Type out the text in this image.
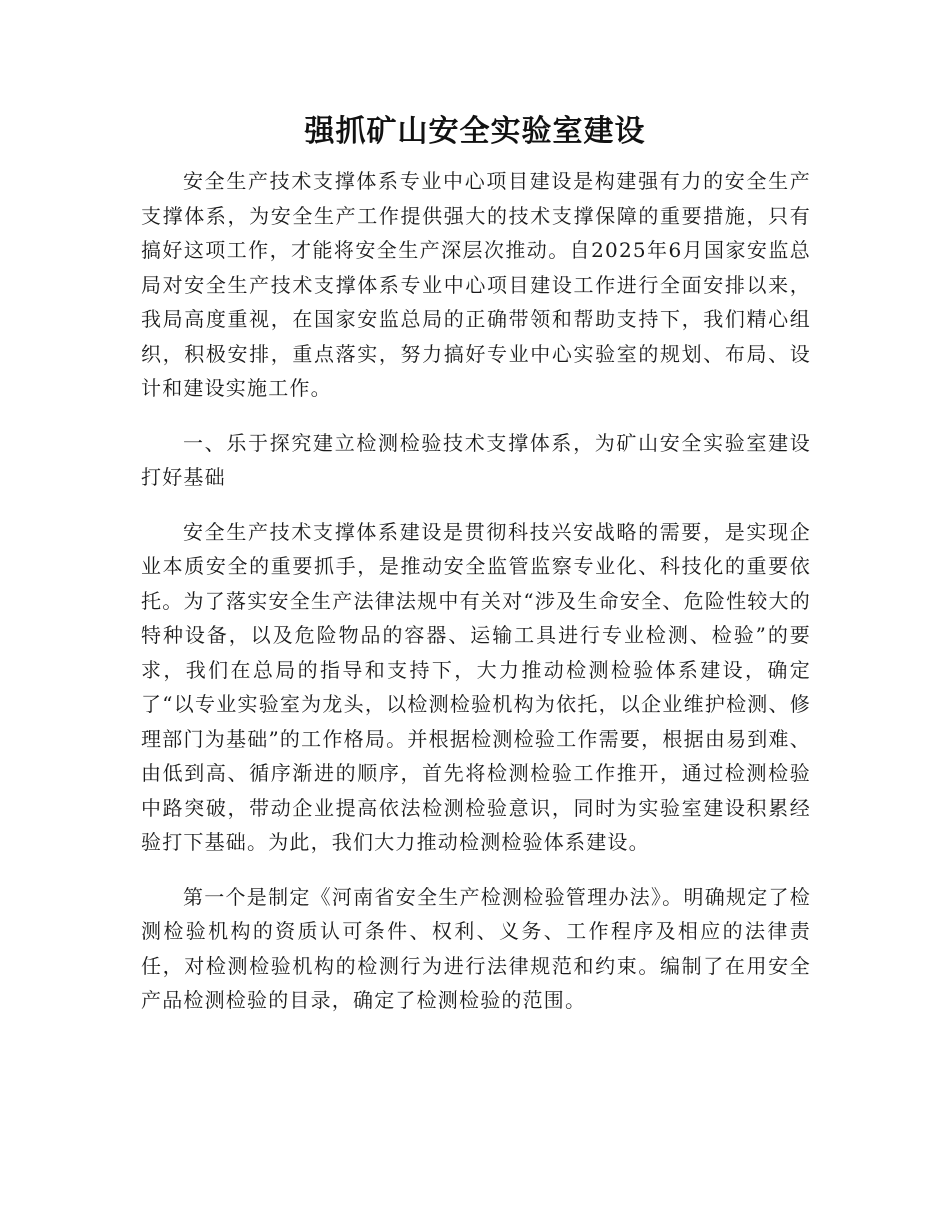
强抓矿山安全实验室建设

安全生产技术支撑体系专业中心项目建设是构建强有力的安全生产支撑体系，为安全生产工作提供强大的技术支撑保障的重要措施，只有搞好这项工作，才能将安全生产深层次推动。自2025年6月国家安监总局对安全生产技术支撑体系专业中心项目建设工作进行全面安排以来，我局高度重视，在国家安监总局的正确带领和帮助支持下，我们精心组织，积极安排，重点落实，努力搞好专业中心实验室的规划、布局、设计和建设实施工作。

一、乐于探究建立检测检验技术支撑体系，为矿山安全实验室建设打好基础

安全生产技术支撑体系建设是贯彻科技兴安战略的需要，是实现企业本质安全的重要抓手，是推动安全监管监察专业化、科技化的重要依托。为了落实安全生产法律法规中有关对“涉及生命安全、危险性较大的特种设备，以及危险物品的容器、运输工具进行专业检测、检验”的要求，我们在总局的指导和支持下，大力推动检测检验体系建设，确定了“以专业实验室为龙头，以检测检验机构为依托，以企业维护检测、修理部门为基础”的工作格局。并根据检测检验工作需要，根据由易到难、由低到高、循序渐进的顺序，首先将检测检验工作推开，通过检测检验中路突破，带动企业提高依法检测检验意识，同时为实验室建设积累经验打下基础。为此，我们大力推动检测检验体系建设。

第一个是制定《河南省安全生产检测检验管理办法》。明确规定了检测检验机构的资质认可条件、权利、义务、工作程序及相应的法律责任，对检测检验机构的检测行为进行法律规范和约束。编制了在用安全产品检测检验的目录，确定了检测检验的范围。
